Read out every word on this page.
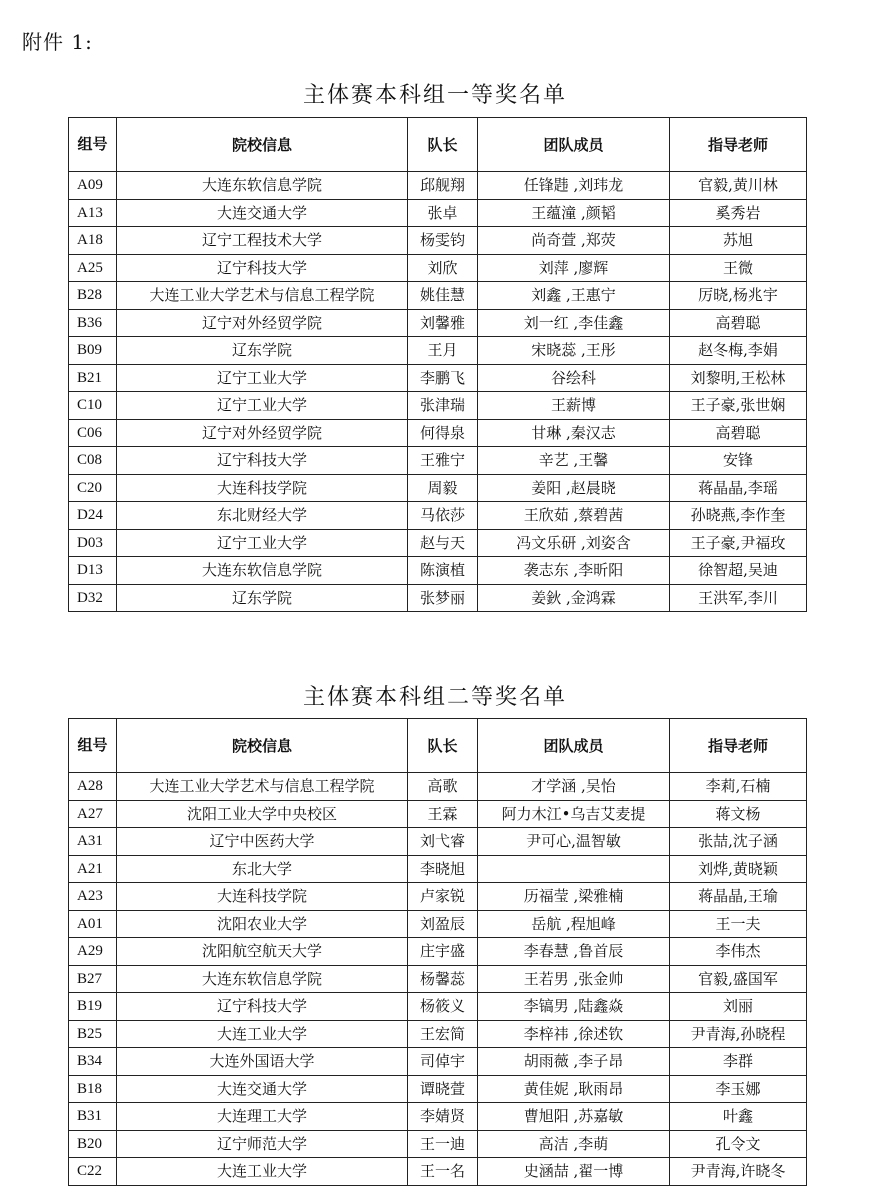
附件 1:
主体赛本科组一等奖名单
组号	院校信息	队长	团队成员	指导老师
A09	大连东软信息学院	邱舰翔	任锋韪 ,刘玮龙	官毅,黄川林
A13	大连交通大学	张卓	王蕴潼 ,颜韬	奚秀岩
A18	辽宁工程技术大学	杨雯钧	尚奇萱 ,郑荧	苏旭
A25	辽宁科技大学	刘欣	刘萍 ,廖辉	王微
B28	大连工业大学艺术与信息工程学院	姚佳慧	刘鑫 ,王惠宁	厉晓,杨兆宇
B36	辽宁对外经贸学院	刘馨雅	刘一红 ,李佳鑫	高碧聪
B09	辽东学院	王月	宋晓蕊 ,王彤	赵冬梅,李娟
B21	辽宁工业大学	李鹏飞	谷绘科	刘黎明,王松林
C10	辽宁工业大学	张津瑞	王薪博	王子豪,张世娴
C06	辽宁对外经贸学院	何得泉	甘琳 ,秦汉志	高碧聪
C08	辽宁科技大学	王雅宁	辛艺 ,王馨	安锋
C20	大连科技学院	周毅	姜阳 ,赵晨晓	蒋晶晶,李瑶
D24	东北财经大学	马依莎	王欣茹 ,蔡碧茜	孙晓燕,李作奎
D03	辽宁工业大学	赵与天	冯文乐研 ,刘姿含	王子豪,尹福玫
D13	大连东软信息学院	陈演植	袭志东 ,李昕阳	徐智超,吴迪
D32	辽东学院	张梦丽	姜鈥 ,金鸿霖	王洪军,李川
主体赛本科组二等奖名单
组号	院校信息	队长	团队成员	指导老师
A28	大连工业大学艺术与信息工程学院	高歌	才学涵 ,吴怡	李莉,石楠
A27	沈阳工业大学中央校区	王霖	阿力木江•乌吉艾麦提	蒋文杨
A31	辽宁中医药大学	刘弋睿	尹可心,温智敏	张喆,沈子涵
A21	东北大学	李晓旭		刘烨,黄晓颖
A23	大连科技学院	卢家锐	历福莹 ,梁雅楠	蒋晶晶,王瑜
A01	沈阳农业大学	刘盈辰	岳航 ,程旭峰	王一夫
A29	沈阳航空航天大学	庄宇盛	李春慧 ,鲁首辰	李伟杰
B27	大连东软信息学院	杨馨蕊	王若男 ,张金帅	官毅,盛国军
B19	辽宁科技大学	杨筱义	李镐男 ,陆鑫焱	刘丽
B25	大连工业大学	王宏简	李梓祎 ,徐述钦	尹青海,孙晓程
B34	大连外国语大学	司倬宇	胡雨薇 ,李子昂	李群
B18	大连交通大学	谭晓萱	黄佳妮 ,耿雨昂	李玉娜
B31	大连理工大学	李婧贤	曹旭阳 ,苏嘉敏	叶鑫
B20	辽宁师范大学	王一迪	高洁 ,李萌	孔令文
C22	大连工业大学	王一名	史涵喆 ,翟一博	尹青海,许晓冬
